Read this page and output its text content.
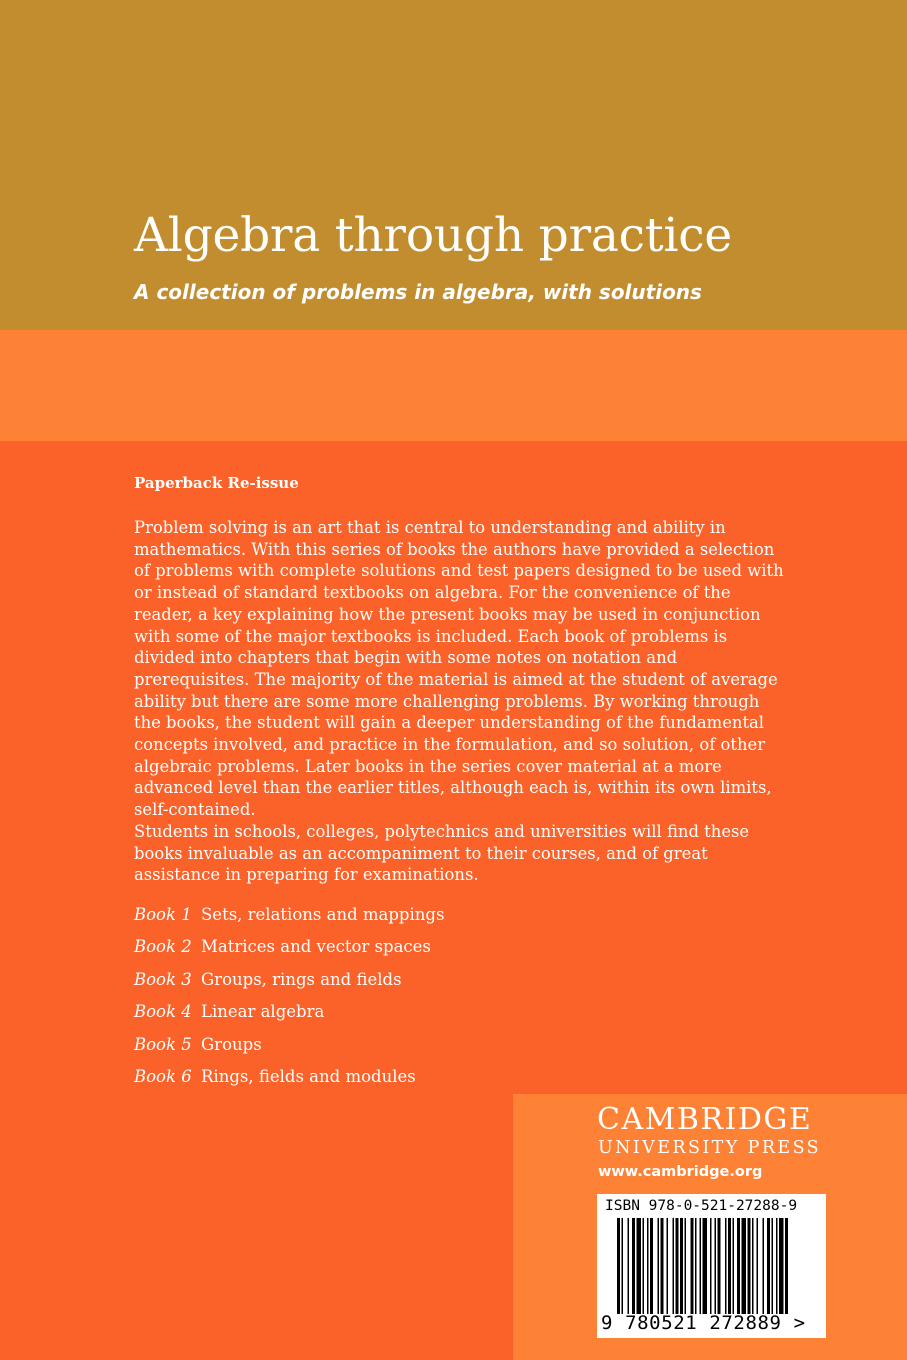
Algebra through practice
A collection of problems in algebra, with solutions
Paperback Re-issue

Problem solving is an art that is central to understanding and ability in mathematics. With this series of books the authors have provided a selection of problems with complete solutions and test papers designed to be used with or instead of standard textbooks on algebra. For the convenience of the reader, a key explaining how the present books may be used in conjunction with some of the major textbooks is included. Each book of problems is divided into chapters that begin with some notes on notation and prerequisites. The majority of the material is aimed at the student of average ability but there are some more challenging problems. By working through the books, the student will gain a deeper understanding of the fundamental concepts involved, and practice in the formulation, and so solution, of other algebraic problems. Later books in the series cover material at a more advanced level than the earlier titles, although each is, within its own limits, self-contained.

Students in schools, colleges, polytechnics and universities will find these books invaluable as an accompaniment to their courses, and of great assistance in preparing for examinations.

Book 1 Sets, relations and mappings
Book 2 Matrices and vector spaces
Book 3 Groups, rings and fields
Book 4 Linear algebra
Book 5 Groups
Book 6 Rings, fields and modules
CAMBRIDGE
UNIVERSITY PRESS
www.cambridge.org
ISBN 978-0-521-27288-9
9 780521 272889 >
